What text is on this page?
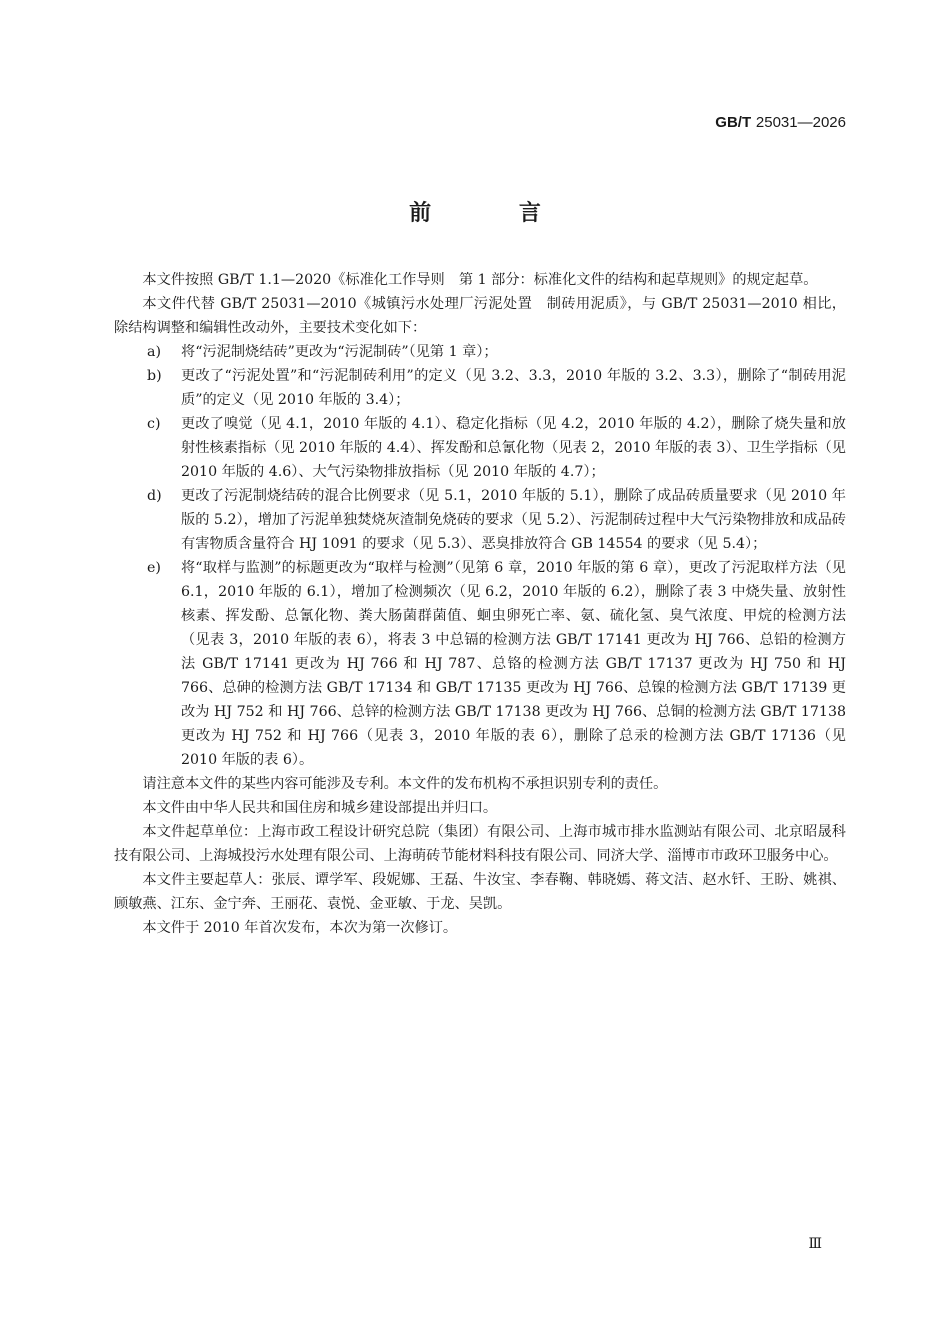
GB/T 25031—2026
前 言

本文件按照 GB/T 1.1—2020《标准化工作导则　第 1 部分：标准化文件的结构和起草规则》的规定起草。

本文件代替 GB/T 25031—2010《城镇污水处理厂污泥处置　制砖用泥质》，与 GB/T 25031—2010 相比，除结构调整和编辑性改动外，主要技术变化如下：

a)	将“污泥制烧结砖”更改为“污泥制砖”（见第 1 章）；
b)	更改了“污泥处置”和“污泥制砖利用”的定义（见 3.2、3.3，2010 年版的 3.2、3.3），删除了“制砖用泥质”的定义（见 2010 年版的 3.4）；
c)	更改了嗅觉（见 4.1，2010 年版的 4.1）、稳定化指标（见 4.2，2010 年版的 4.2），删除了烧失量和放射性核素指标（见 2010 年版的 4.4）、挥发酚和总氰化物（见表 2，2010 年版的表 3）、卫生学指标（见 2010 年版的 4.6）、大气污染物排放指标（见 2010 年版的 4.7）；
d)	更改了污泥制烧结砖的混合比例要求（见 5.1，2010 年版的 5.1），删除了成品砖质量要求（见 2010 年版的 5.2），增加了污泥单独焚烧灰渣制免烧砖的要求（见 5.2）、污泥制砖过程中大气污染物排放和成品砖有害物质含量符合 HJ 1091 的要求（见 5.3）、恶臭排放符合 GB 14554 的要求（见 5.4）；
e)	将“取样与监测”的标题更改为“取样与检测”（见第 6 章，2010 年版的第 6 章），更改了污泥取样方法（见 6.1，2010 年版的 6.1），增加了检测频次（见 6.2，2010 年版的 6.2），删除了表 3 中烧失量、放射性核素、挥发酚、总氰化物、粪大肠菌群菌值、蛔虫卵死亡率、氨、硫化氢、臭气浓度、甲烷的检测方法（见表 3，2010 年版的表 6），将表 3 中总镉的检测方法 GB/T 17141 更改为 HJ 766、总铅的检测方法 GB/T 17141 更改为 HJ 766 和 HJ 787、总铬的检测方法 GB/T 17137 更改为 HJ 750 和 HJ 766、总砷的检测方法 GB/T 17134 和 GB/T 17135 更改为 HJ 766、总镍的检测方法 GB/T 17139 更改为 HJ 752 和 HJ 766、总锌的检测方法 GB/T 17138 更改为 HJ 766、总铜的检测方法 GB/T 17138 更改为 HJ 752 和 HJ 766（见表 3，2010 年版的表 6），删除了总汞的检测方法 GB/T 17136（见 2010 年版的表 6）。

请注意本文件的某些内容可能涉及专利。本文件的发布机构不承担识别专利的责任。

本文件由中华人民共和国住房和城乡建设部提出并归口。

本文件起草单位：上海市政工程设计研究总院（集团）有限公司、上海市城市排水监测站有限公司、北京昭晟科技有限公司、上海城投污水处理有限公司、上海萌砖节能材料科技有限公司、同济大学、淄博市市政环卫服务中心。

本文件主要起草人：张辰、谭学军、段妮娜、王磊、牛汝宝、李春鞠、韩晓嫣、蒋文洁、赵水钎、王盼、姚祺、顾敏燕、江东、金宁奔、王丽花、袁悦、金亚敏、于龙、吴凯。

本文件于 2010 年首次发布，本次为第一次修订。

Ⅲ
